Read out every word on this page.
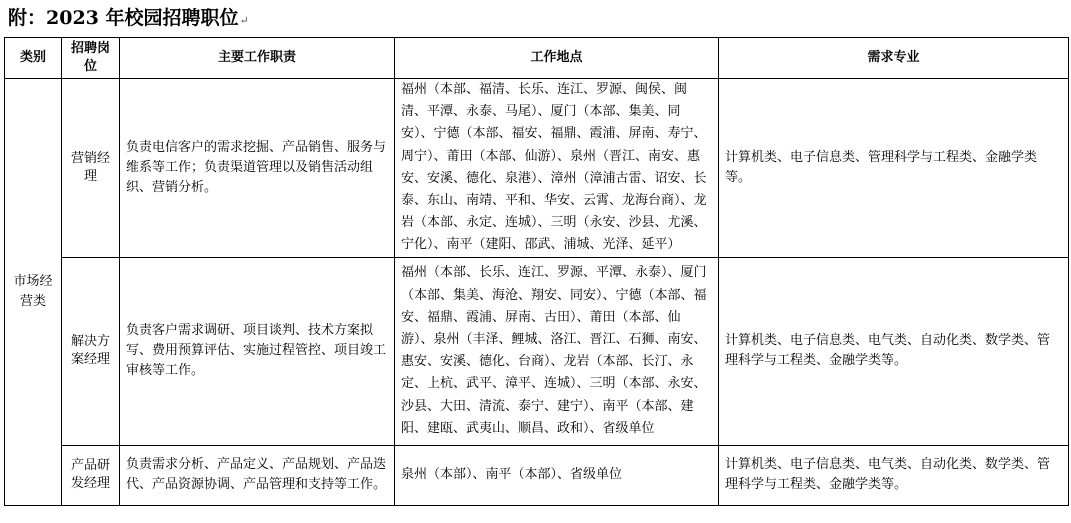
附：2023 年校园招聘职位↵
类别	招聘岗位	主要工作职责	工作地点	需求专业
市场经营类	营销经理	负责电信客户的需求挖掘、产品销售、服务与维系等工作；负责渠道管理以及销售活动组织、营销分析。	福州（本部、福清、长乐、连江、罗源、闽侯、闽清、平潭、永泰、马尾）、厦门（本部、集美、同安）、宁德（本部、福安、福鼎、霞浦、屏南、寿宁、周宁）、莆田（本部、仙游）、泉州（晋江、南安、惠安、安溪、德化、泉港）、漳州（漳浦古雷、诏安、长泰、东山、南靖、平和、华安、云霄、龙海台商）、龙岩（本部、永定、连城）、三明（永安、沙县、尤溪、宁化）、南平（建阳、邵武、浦城、光泽、延平）	计算机类、电子信息类、管理科学与工程类、金融学类等。
	解决方案经理	负责客户需求调研、项目谈判、技术方案拟写、费用预算评估、实施过程管控、项目竣工审核等工作。	福州（本部、长乐、连江、罗源、平潭、永泰）、厦门（本部、集美、海沧、翔安、同安）、宁德（本部、福安、福鼎、霞浦、屏南、古田）、莆田（本部、仙游）、泉州（丰泽、鲤城、洛江、晋江、石狮、南安、惠安、安溪、德化、台商）、龙岩（本部、长汀、永定、上杭、武平、漳平、连城）、三明（本部、永安、沙县、大田、清流、泰宁、建宁）、南平（本部、建阳、建瓯、武夷山、顺昌、政和）、省级单位	计算机类、电子信息类、电气类、自动化类、数学类、管理科学与工程类、金融学类等。
	产品研发经理	负责需求分析、产品定义、产品规划、产品迭代、产品资源协调、产品管理和支持等工作。	泉州（本部）、南平（本部）、省级单位	计算机类、电子信息类、电气类、自动化类、数学类、管理科学与工程类、金融学类等。
